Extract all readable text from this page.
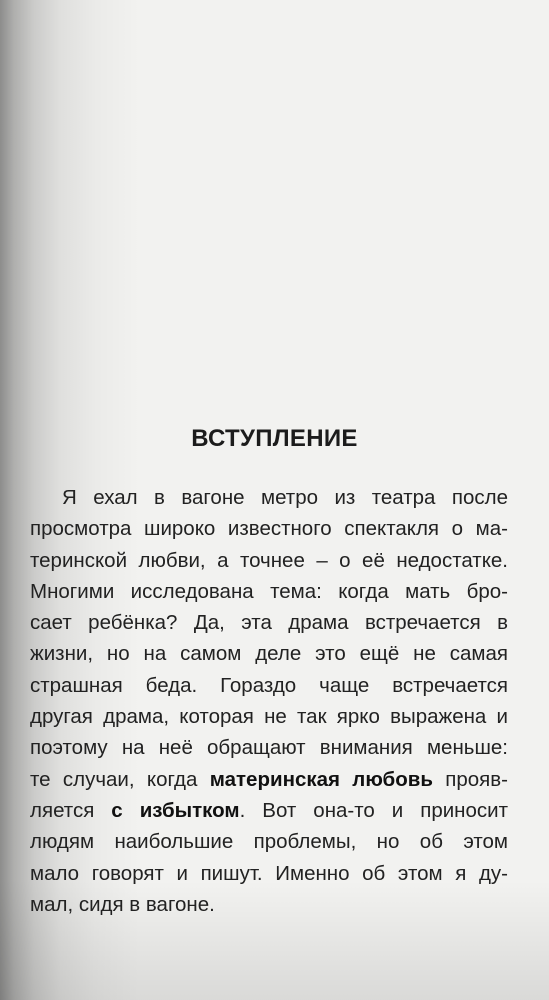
ВСТУПЛЕНИЕ
Я ехал в вагоне метро из театра после
просмотра широко известного спектакля о ма-
теринской любви, а точнее – о её недостатке.
Многими исследована тема: когда мать бро-
сает ребёнка? Да, эта драма встречается в
жизни, но на самом деле это ещё не самая
страшная беда. Гораздо чаще встречается
другая драма, которая не так ярко выражена и
поэтому на неё обращают внимания меньше:
те случаи, когда материнская любовь прояв-
ляется с избытком. Вот она-то и приносит
людям наибольшие проблемы, но об этом
мало говорят и пишут. Именно об этом я ду-
мал, сидя в вагоне.
